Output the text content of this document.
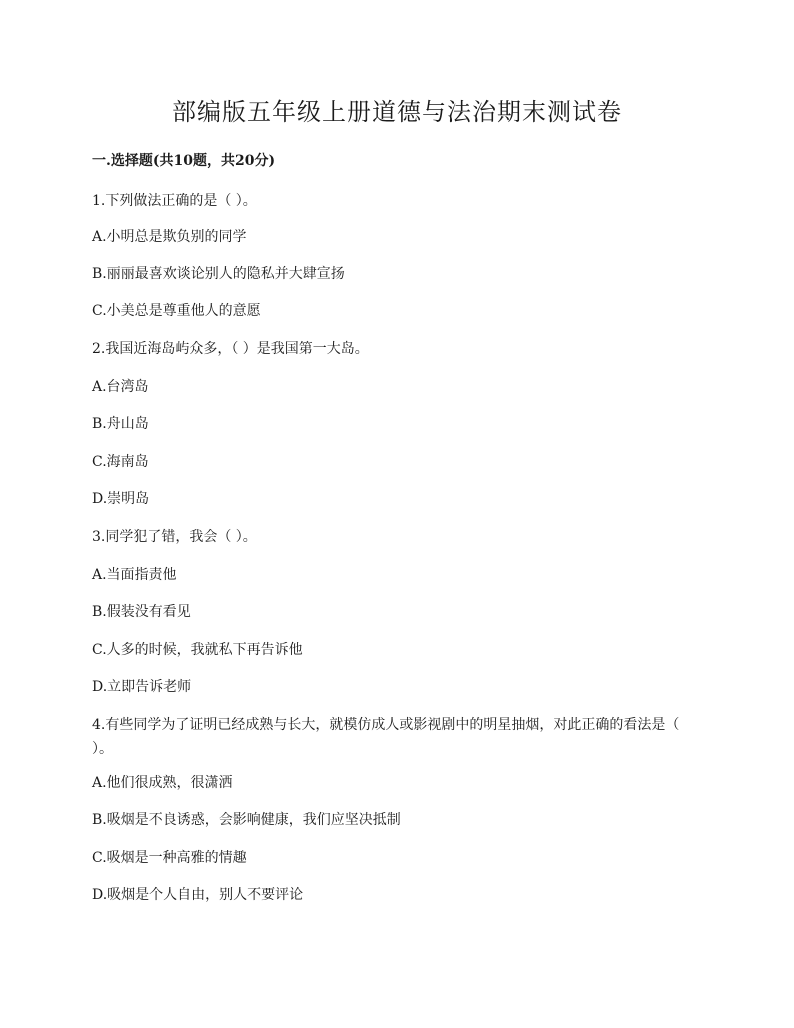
部编版五年级上册道德与法治期末测试卷

一.选择题(共10题，共20分)

1.下列做法正确的是（ ）。

A.小明总是欺负别的同学

B.丽丽最喜欢谈论别人的隐私并大肆宣扬

C.小美总是尊重他人的意愿

2.我国近海岛屿众多，（ ）是我国第一大岛。

A.台湾岛

B.舟山岛

C.海南岛

D.崇明岛

3.同学犯了错，我会（ ）。

A.当面指责他

B.假装没有看见

C.人多的时候，我就私下再告诉他

D.立即告诉老师

4.有些同学为了证明已经成熟与长大，就模仿成人或影视剧中的明星抽烟，对此正确的看法是（ ）。

A.他们很成熟，很潇洒

B.吸烟是不良诱惑，会影响健康，我们应坚决抵制

C.吸烟是一种高雅的情趣

D.吸烟是个人自由，别人不要评论
